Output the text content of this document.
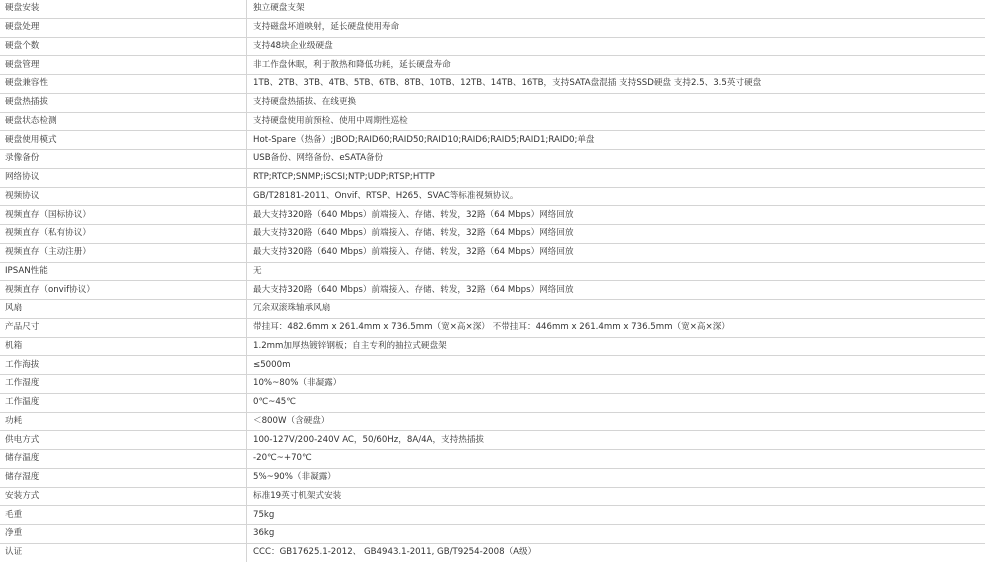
硬盘安装	独立硬盘支架
硬盘处理	支持磁盘坏道映射，延长硬盘使用寿命
硬盘个数	支持48块企业级硬盘
硬盘管理	非工作盘休眠，利于散热和降低功耗，延长硬盘寿命
硬盘兼容性	1TB、2TB、3TB、4TB、5TB、6TB、8TB、10TB、12TB、14TB、16TB，支持SATA盘混插 支持SSD硬盘 支持2.5、3.5英寸硬盘
硬盘热插拔	支持硬盘热插拔、在线更换
硬盘状态检测	支持硬盘使用前预检、使用中周期性巡检
硬盘使用模式	Hot-Spare（热备）;JBOD;RAID60;RAID50;RAID10;RAID6;RAID5;RAID1;RAID0;单盘
录像备份	USB备份、网络备份、eSATA备份
网络协议	RTP;RTCP;SNMP;iSCSI;NTP;UDP;RTSP;HTTP
视频协议	GB/T28181-2011、Onvif、RTSP、H265、SVAC等标准视频协议。
视频直存（国标协议）	最大支持320路（640 Mbps）前端接入、存储、转发，32路（64 Mbps）网络回放
视频直存（私有协议）	最大支持320路（640 Mbps）前端接入、存储、转发，32路（64 Mbps）网络回放
视频直存（主动注册）	最大支持320路（640 Mbps）前端接入、存储、转发，32路（64 Mbps）网络回放
IPSAN性能	无
视频直存（onvif协议）	最大支持320路（640 Mbps）前端接入、存储、转发，32路（64 Mbps）网络回放
风扇	冗余双滚珠轴承风扇
产品尺寸	带挂耳：482.6mm x 261.4mm x 736.5mm（宽×高×深） 不带挂耳：446mm x 261.4mm x 736.5mm（宽×高×深）
机箱	1.2mm加厚热镀锌钢板；自主专利的抽拉式硬盘架
工作海拔	≤5000m
工作湿度	10%~80%（非凝露）
工作温度	0℃~45℃
功耗	＜800W（含硬盘）
供电方式	100-127V/200-240V AC，50/60Hz，8A/4A，支持热插拔
储存温度	-20℃~+70℃
储存湿度	5%~90%（非凝露）
安装方式	标准19英寸机架式安装
毛重	75kg
净重	36kg
认证	CCC：GB17625.1-2012、 GB4943.1-2011, GB/T9254-2008（A级）
